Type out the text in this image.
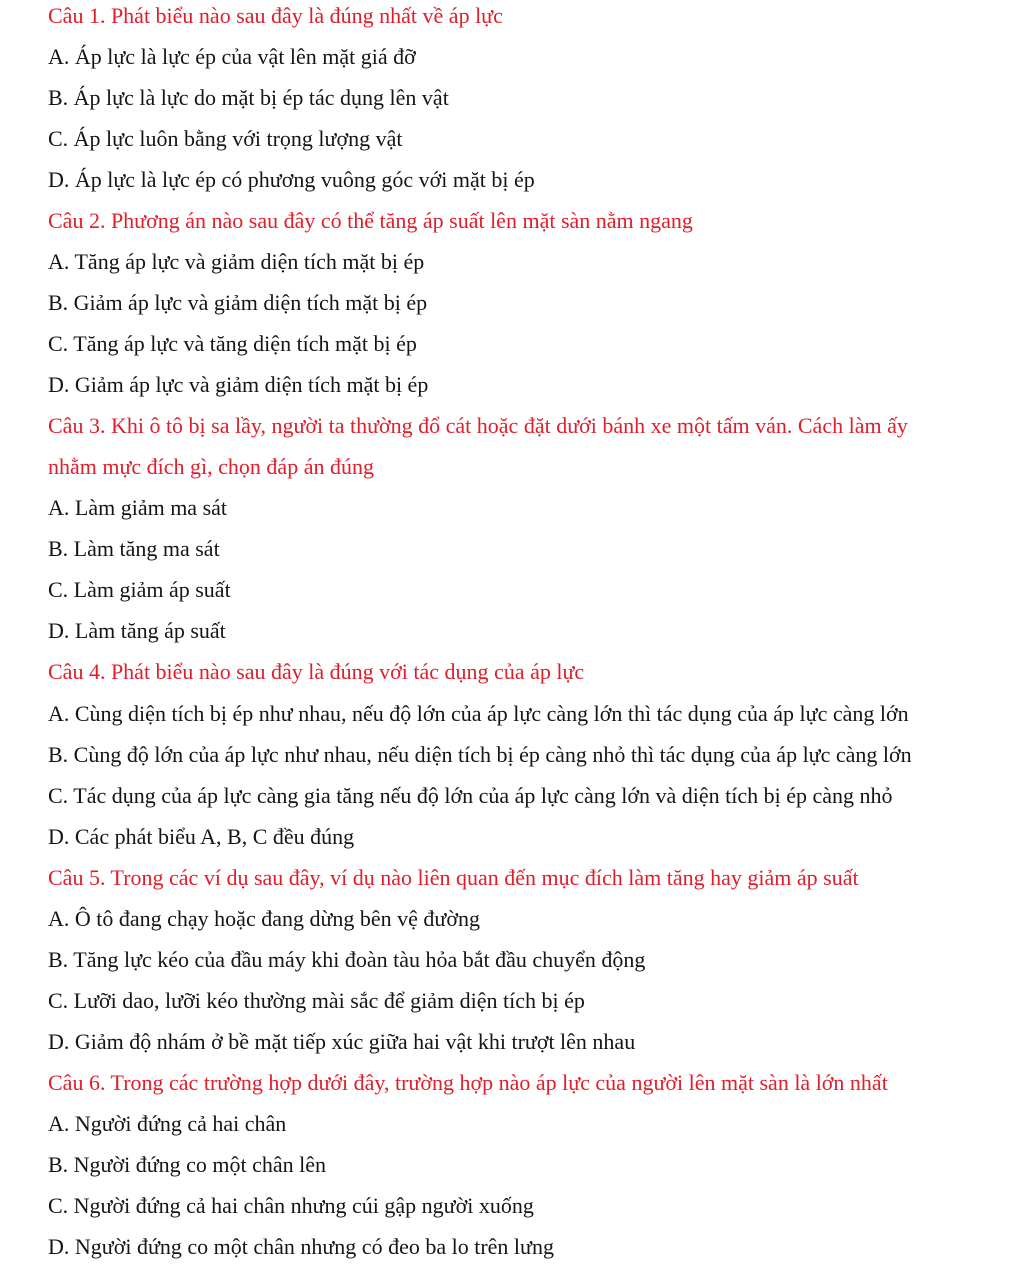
Câu 1. Phát biểu nào sau đây là đúng nhất về áp lực
A. Áp lực là lực ép của vật lên mặt giá đỡ
B. Áp lực là lực do mặt bị ép tác dụng lên vật
C. Áp lực luôn bằng với trọng lượng vật
D. Áp lực là lực ép có phương vuông góc với mặt bị ép
Câu 2. Phương án nào sau đây có thể tăng áp suất lên mặt sàn nằm ngang
A. Tăng áp lực và giảm diện tích mặt bị ép
B. Giảm áp lực và giảm diện tích mặt bị ép
C. Tăng áp lực và tăng diện tích mặt bị ép
D. Giảm áp lực và giảm diện tích mặt bị ép
Câu 3. Khi ô tô bị sa lầy, người ta thường đổ cát hoặc đặt dưới bánh xe một tấm ván. Cách làm ấy
nhằm mực đích gì, chọn đáp án đúng
A. Làm giảm ma sát
B. Làm tăng ma sát
C. Làm giảm áp suất
D. Làm tăng áp suất
Câu 4. Phát biểu nào sau đây là đúng với tác dụng của áp lực
A. Cùng diện tích bị ép như nhau, nếu độ lớn của áp lực càng lớn thì tác dụng của áp lực càng lớn
B. Cùng độ lớn của áp lực như nhau, nếu diện tích bị ép càng nhỏ thì tác dụng của áp lực càng lớn
C. Tác dụng của áp lực càng gia tăng nếu độ lớn của áp lực càng lớn và diện tích bị ép càng nhỏ
D. Các phát biểu A, B, C đều đúng
Câu 5. Trong các ví dụ sau đây, ví dụ nào liên quan đến mục đích làm tăng hay giảm áp suất
A. Ô tô đang chạy hoặc đang dừng bên vệ đường
B. Tăng lực kéo của đầu máy khi đoàn tàu hỏa bắt đầu chuyển động
C. Lưỡi dao, lưỡi kéo thường mài sắc để giảm diện tích bị ép
D. Giảm độ nhám ở bề mặt tiếp xúc giữa hai vật khi trượt lên nhau
Câu 6. Trong các trường hợp dưới đây, trường hợp nào áp lực của người lên mặt sàn là lớn nhất
A. Người đứng cả hai chân
B. Người đứng co một chân lên
C. Người đứng cả hai chân nhưng cúi gập người xuống
D. Người đứng co một chân nhưng có đeo ba lo trên lưng
